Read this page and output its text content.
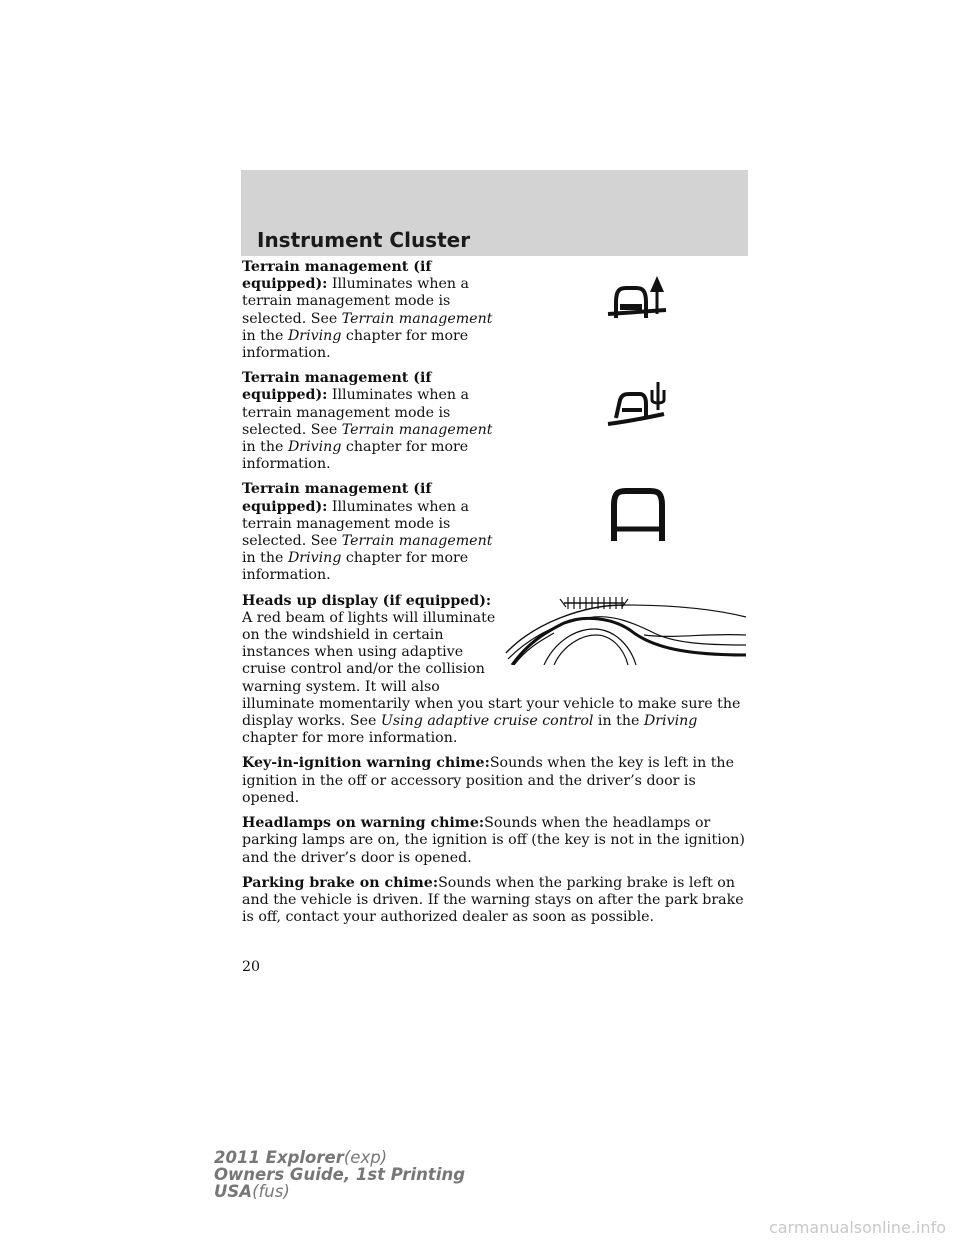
Instrument Cluster

Terrain management (if equipped): Illuminates when a terrain management mode is selected. See Terrain management in the Driving chapter for more information.

Terrain management (if equipped): Illuminates when a terrain management mode is selected. See Terrain management in the Driving chapter for more information.

Terrain management (if equipped): Illuminates when a terrain management mode is selected. See Terrain management in the Driving chapter for more information.

Heads up display (if equipped): A red beam of lights will illuminate on the windshield in certain instances when using adaptive cruise control and/or the collision warning system. It will also

illuminate momentarily when you start your vehicle to make sure the display works. See Using adaptive cruise control in the Driving chapter for more information.

Key-in-ignition warning chime:Sounds when the key is left in the ignition in the off or accessory position and the driver’s door is opened.

Headlamps on warning chime:Sounds when the headlamps or parking lamps are on, the ignition is off (the key is not in the ignition) and the driver’s door is opened.

Parking brake on chime:Sounds when the parking brake is left on and the vehicle is driven. If the warning stays on after the park brake is off, contact your authorized dealer as soon as possible.

20
2011 Explorer(exp)
Owners Guide, 1st Printing
USA(fus)
carmanualsonline.info
